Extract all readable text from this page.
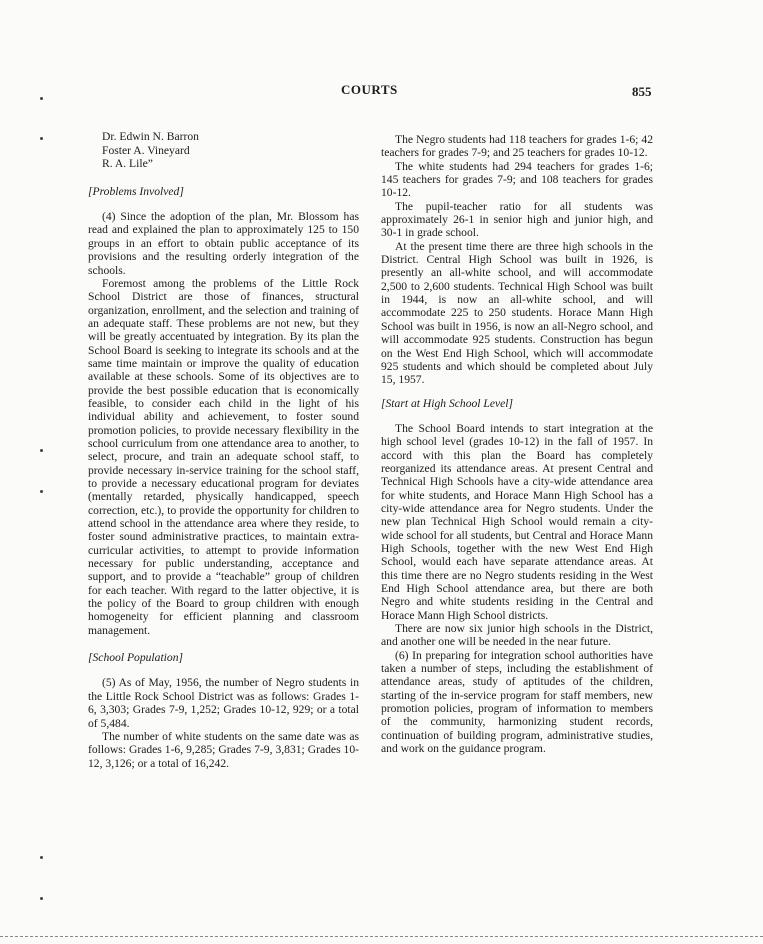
COURTS	855
Dr. Edwin N. Barron
Foster A. Vineyard
R. A. Lile”
[Problems Involved]

(4) Since the adoption of the plan, Mr. Blossom has read and explained the plan to approximately 125 to 150 groups in an effort to obtain public acceptance of its provisions and the resulting orderly integration of the schools.

Foremost among the problems of the Little Rock School District are those of finances, structural organization, enrollment, and the selection and training of an adequate staff. These problems are not new, but they will be greatly accentuated by integration. By its plan the School Board is seeking to integrate its schools and at the same time maintain or improve the quality of education available at these schools. Some of its objectives are to provide the best possible education that is economically feasible, to consider each child in the light of his individual ability and achievement, to foster sound promotion policies, to provide necessary flexibility in the school curriculum from one attendance area to another, to select, procure, and train an adequate school staff, to provide necessary in-service training for the school staff, to provide a necessary educational program for deviates (mentally retarded, physically handicapped, speech correction, etc.), to provide the opportunity for children to attend school in the attendance area where they reside, to foster sound administrative practices, to maintain extra-curricular activities, to attempt to provide information necessary for public understanding, acceptance and support, and to provide a “teachable” group of children for each teacher. With regard to the latter objective, it is the policy of the Board to group children with enough homogeneity for efficient planning and classroom management.

[School Population]

(5) As of May, 1956, the number of Negro students in the Little Rock School District was as follows: Grades 1-6, 3,303; Grades 7-9, 1,252; Grades 10-12, 929; or a total of 5,484.

The number of white students on the same date was as follows: Grades 1-6, 9,285; Grades 7-9, 3,831; Grades 10-12, 3,126; or a total of 16,242.

The Negro students had 118 teachers for grades 1-6; 42 teachers for grades 7-9; and 25 teachers for grades 10-12.

The white students had 294 teachers for grades 1-6; 145 teachers for grades 7-9; and 108 teachers for grades 10-12.

The pupil-teacher ratio for all students was approximately 26-1 in senior high and junior high, and 30-1 in grade school.

At the present time there are three high schools in the District. Central High School was built in 1926, is presently an all-white school, and will accommodate 2,500 to 2,600 students. Technical High School was built in 1944, is now an all-white school, and will accommodate 225 to 250 students. Horace Mann High School was built in 1956, is now an all-Negro school, and will accommodate 925 students. Construction has begun on the West End High School, which will accommodate 925 students and which should be completed about July 15, 1957.

[Start at High School Level]

The School Board intends to start integration at the high school level (grades 10-12) in the fall of 1957. In accord with this plan the Board has completely reorganized its attendance areas. At present Central and Technical High Schools have a city-wide attendance area for white students, and Horace Mann High School has a city-wide attendance area for Negro students. Under the new plan Technical High School would remain a city-wide school for all students, but Central and Horace Mann High Schools, together with the new West End High School, would each have separate attendance areas. At this time there are no Negro students residing in the West End High School attendance area, but there are both Negro and white students residing in the Central and Horace Mann High School districts.

There are now six junior high schools in the District, and another one will be needed in the near future.

(6) In preparing for integration school authorities have taken a number of steps, including the establishment of attendance areas, study of aptitudes of the children, starting of the in-service program for staff members, new promotion policies, program of information to members of the community, harmonizing student records, continuation of building program, administrative studies, and work on the guidance program.
